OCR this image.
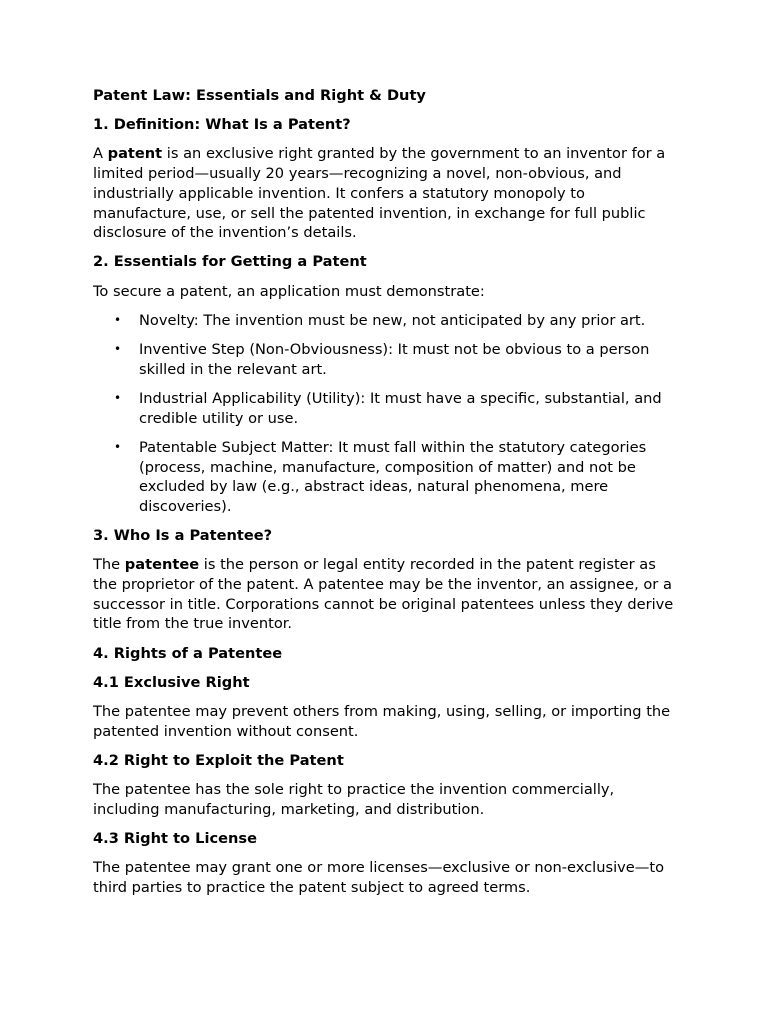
Patent Law: Essentials and Right & Duty
1. Definition: What Is a Patent?
A patent is an exclusive right granted by the government to an inventor for a limited period—usually 20 years—recognizing a novel, non-obvious, and industrially applicable invention. It confers a statutory monopoly to manufacture, use, or sell the patented invention, in exchange for full public disclosure of the invention’s details.
2. Essentials for Getting a Patent
To secure a patent, an application must demonstrate:
• Novelty: The invention must be new, not anticipated by any prior art.
• Inventive Step (Non-Obviousness): It must not be obvious to a person skilled in the relevant art.
• Industrial Applicability (Utility): It must have a specific, substantial, and credible utility or use.
• Patentable Subject Matter: It must fall within the statutory categories (process, machine, manufacture, composition of matter) and not be excluded by law (e.g., abstract ideas, natural phenomena, mere discoveries).
3. Who Is a Patentee?
The patentee is the person or legal entity recorded in the patent register as the proprietor of the patent. A patentee may be the inventor, an assignee, or a successor in title. Corporations cannot be original patentees unless they derive title from the true inventor.
4. Rights of a Patentee
4.1 Exclusive Right
The patentee may prevent others from making, using, selling, or importing the patented invention without consent.
4.2 Right to Exploit the Patent
The patentee has the sole right to practice the invention commercially, including manufacturing, marketing, and distribution.
4.3 Right to License
The patentee may grant one or more licenses—exclusive or non-exclusive—to third parties to practice the patent subject to agreed terms.
